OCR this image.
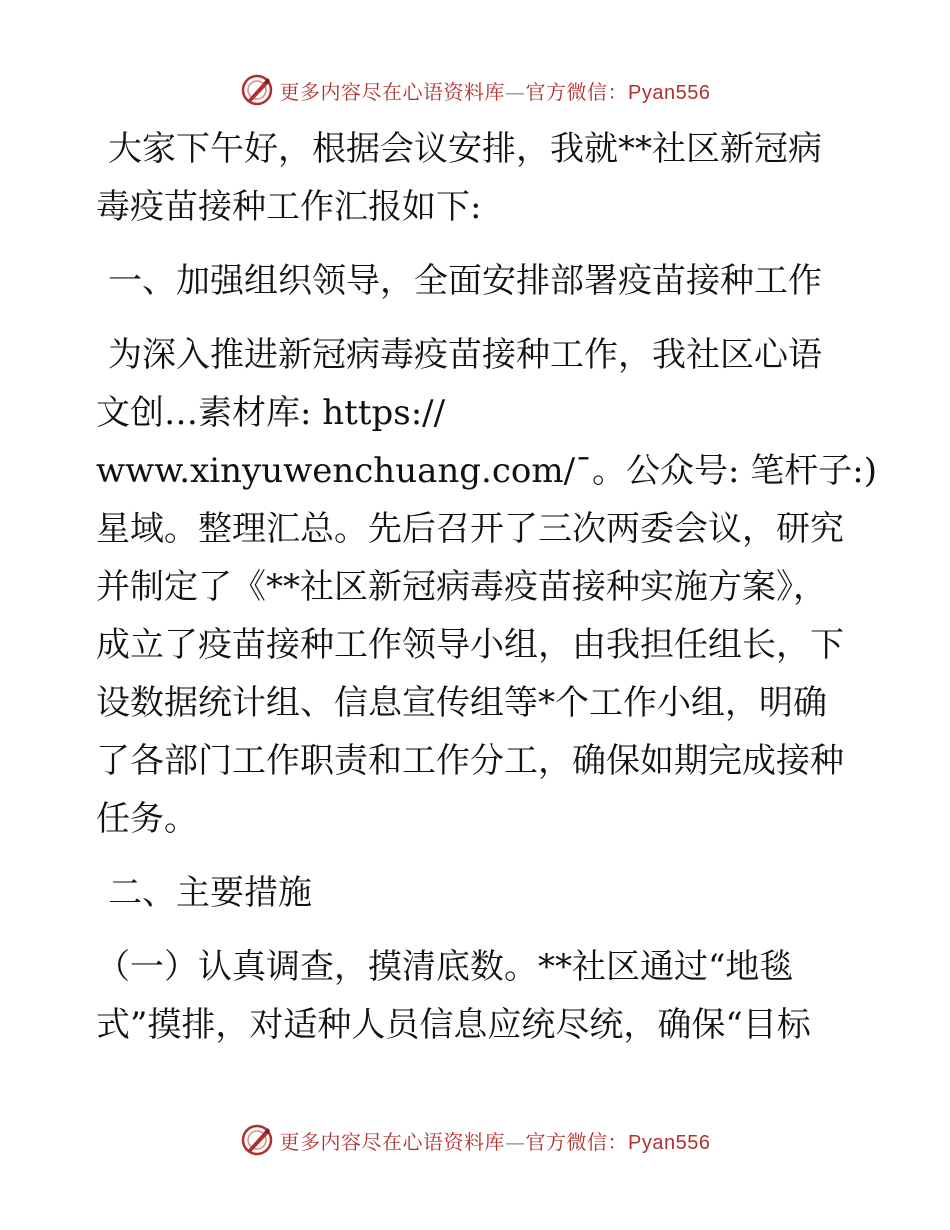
更多内容尽在心语资料库—官方微信：Pyan556

大家下午好，根据会议安排，我就**社区新冠病

毒疫苗接种工作汇报如下:

一、加强组织领导，全面安排部署疫苗接种工作

为深入推进新冠病毒疫苗接种工作，我社区心语

文创…素材库: https://

www.xinyuwenchuang.com/¯。公众号: 笔杆子:)

星域。整理汇总。先后召开了三次两委会议，研究

并制定了《**社区新冠病毒疫苗接种实施方案》，

成立了疫苗接种工作领导小组，由我担任组长，下

设数据统计组、信息宣传组等*个工作小组，明确

了各部门工作职责和工作分工，确保如期完成接种

任务。

二、主要措施

（一）认真调查，摸清底数。**社区通过“地毯

式”摸排，对适种人员信息应统尽统，确保“目标

更多内容尽在心语资料库—官方微信：Pyan556
